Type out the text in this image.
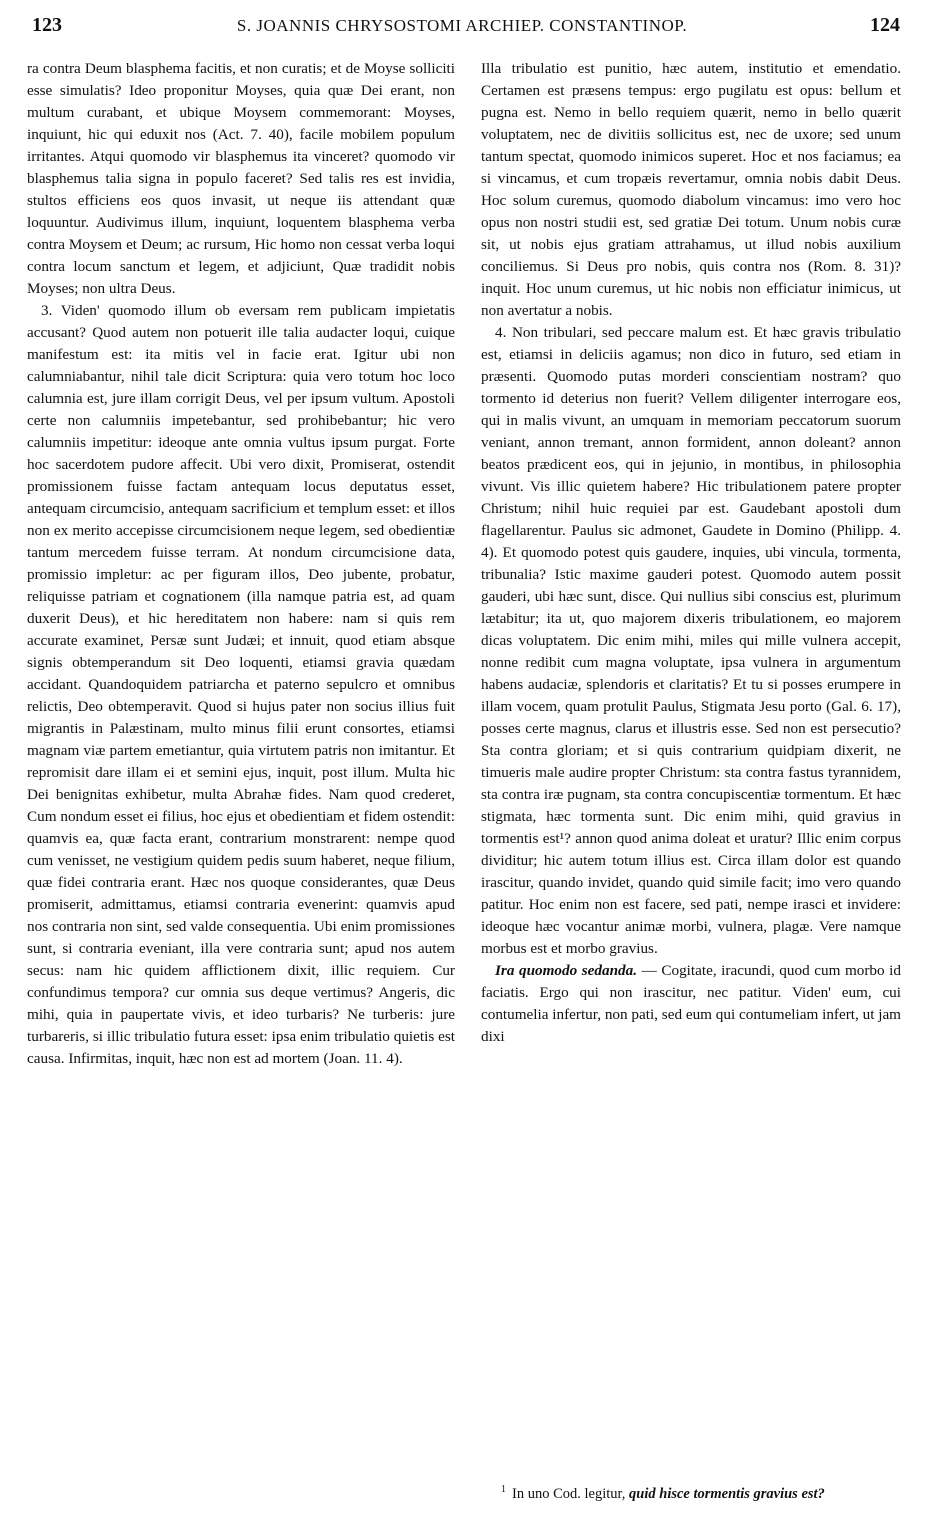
123	S. JOANNIS CHRYSOSTOMI ARCHIEP. CONSTANTINOP.	124

ra contra Deum blasphema facitis, et non curatis; et de Moyse solliciti esse simulatis? Ideo proponitur Moyses, quia quæ Dei erant, non multum curabant, et ubique Moysem commemorant: Moyses, inquiunt, hic qui eduxit nos (Act. 7. 40), facile mobilem populum irritantes. Atqui quomodo vir blasphemus ita vinceret? quomodo vir blasphemus talia signa in populo faceret? Sed talis res est invidia, stultos efficiens eos quos invasit, ut neque iis attendant quæ loquuntur. Audivimus illum, inquiunt, loquentem blasphema verba contra Moysem et Deum; ac rursum, Hic homo non cessat verba loqui contra locum sanctum et legem, et adjiciunt, Quæ tradidit nobis Moyses; non ultra Deus.

3. Viden' quomodo illum ob eversam rem publicam impietatis accusant? Quod autem non potuerit ille talia audacter loqui, cuique manifestum est: ita mitis vel in facie erat. Igitur ubi non calumniabantur, nihil tale dicit Scriptura: quia vero totum hoc loco calumnia est, jure illam corrigit Deus, vel per ipsum vultum. Apostoli certe non calumniis impetebantur, sed prohibebantur; hic vero calumniis impetitur: ideoque ante omnia vultus ipsum purgat. Forte hoc sacerdotem pudore affecit. Ubi vero dixit, Promiserat, ostendit promissionem fuisse factam antequam locus deputatus esset, antequam circumcisio, antequam sacrificium et templum esset: et illos non ex merito accepisse circumcisionem neque legem, sed obedientiæ tantum mercedem fuisse terram. At nondum circumcisione data, promissio impletur: ac per figuram illos, Deo jubente, probatur, reliquisse patriam et cognationem (illa namque patria est, ad quam duxerit Deus), et hic hereditatem non habere: nam si quis rem accurate examinet, Persæ sunt Judæi; et innuit, quod etiam absque signis obtemperandum sit Deo loquenti, etiamsi gravia quædam accidant. Quandoquidem patriarcha et paterno sepulcro et omnibus relictis, Deo obtemperavit. Quod si hujus pater non socius illius fuit migrantis in Palæstinam, multo minus filii erunt consortes, etiamsi magnam viæ partem emetiantur, quia virtutem patris non imitantur. Et repromisit dare illam ei et semini ejus, inquit, post illum. Multa hic Dei benignitas exhibetur, multa Abrahæ fides. Nam quod crederet, Cum nondum esset ei filius, hoc ejus et obedientiam et fidem ostendit: quamvis ea, quæ facta erant, contrarium monstrarent: nempe quod cum venisset, ne vestigium quidem pedis suum haberet, neque filium, quæ fidei contraria erant. Hæc nos quoque considerantes, quæ Deus promiserit, admittamus, etiamsi contraria evenerint: quamvis apud nos contraria non sint, sed valde consequentia. Ubi enim promissiones sunt, si contraria eveniant, illa vere contraria sunt; apud nos autem secus: nam hic quidem afflictionem dixit, illic requiem. Cur confundimus tempora? cur omnia sus deque vertimus? Angeris, dic mihi, quia in paupertate vivis, et ideo turbaris? Ne turberis: jure turbareris, si illic tribulatio futura esset: ipsa enim tribulatio quietis est causa. Infirmitas, inquit, hæc non est ad mortem (Joan. 11. 4).

Illa tribulatio est punitio, hæc autem, institutio et emendatio. Certamen est præsens tempus: ergo pugilatu est opus: bellum et pugna est. Nemo in bello requiem quærit, nemo in bello quærit voluptatem, nec de divitiis sollicitus est, nec de uxore; sed unum tantum spectat, quomodo inimicos superet. Hoc et nos faciamus; ea si vincamus, et cum tropæis revertamur, omnia nobis dabit Deus. Hoc solum curemus, quomodo diabolum vincamus: imo vero hoc opus non nostri studii est, sed gratiæ Dei totum. Unum nobis curæ sit, ut nobis ejus gratiam attrahamus, ut illud nobis auxilium conciliemus. Si Deus pro nobis, quis contra nos (Rom. 8. 31)? inquit. Hoc unum curemus, ut hic nobis non efficiatur inimicus, ut non avertatur a nobis.

4. Non tribulari, sed peccare malum est. Et hæc gravis tribulatio est, etiamsi in deliciis agamus; non dico in futuro, sed etiam in præsenti. Quomodo putas morderi conscientiam nostram? quo tormento id deterius non fuerit? Vellem diligenter interrogare eos, qui in malis vivunt, an umquam in memoriam peccatorum suorum veniant, annon tremant, annon formident, annon doleant? annon beatos prædicent eos, qui in jejunio, in montibus, in philosophia vivunt. Vis illic quietem habere? Hic tribulationem patere propter Christum; nihil huic requiei par est. Gaudebant apostoli dum flagellarentur. Paulus sic admonet, Gaudete in Domino (Philipp. 4. 4). Et quomodo potest quis gaudere, inquies, ubi vincula, tormenta, tribunalia? Istic maxime gauderi potest. Quomodo autem possit gauderi, ubi hæc sunt, disce. Qui nullius sibi conscius est, plurimum lætabitur; ita ut, quo majorem dixeris tribulationem, eo majorem dicas voluptatem. Dic enim mihi, miles qui mille vulnera accepit, nonne redibit cum magna voluptate, ipsa vulnera in argumentum habens audaciæ, splendoris et claritatis? Et tu si posses erumpere in illam vocem, quam protulit Paulus, Stigmata Jesu porto (Gal. 6. 17), posses certe magnus, clarus et illustris esse. Sed non est persecutio? Sta contra gloriam; et si quis contrarium quidpiam dixerit, ne timueris male audire propter Christum: sta contra fastus tyrannidem, sta contra iræ pugnam, sta contra concupiscentiæ tormentum. Et hæc stigmata, hæc tormenta sunt. Dic enim mihi, quid gravius in tormentis est¹? annon quod anima doleat et uratur? Illic enim corpus dividitur; hic autem totum illius est. Circa illam dolor est quando irascitur, quando invidet, quando quid simile facit; imo vero quando patitur. Hoc enim non est facere, sed pati, nempe irasci et invidere: ideoque hæc vocantur animæ morbi, vulnera, plagæ. Vere namque morbus est et morbo gravius.

Ira quomodo sedanda. — Cogitate, iracundi, quod cum morbo id faciatis. Ergo qui non irascitur, nec patitur. Viden' eum, cui contumelia infertur, non pati, sed eum qui contumeliam infert, ut jam dixi

$^1$ In uno Cod. legitur, quid hisce tormentis gravius est?
